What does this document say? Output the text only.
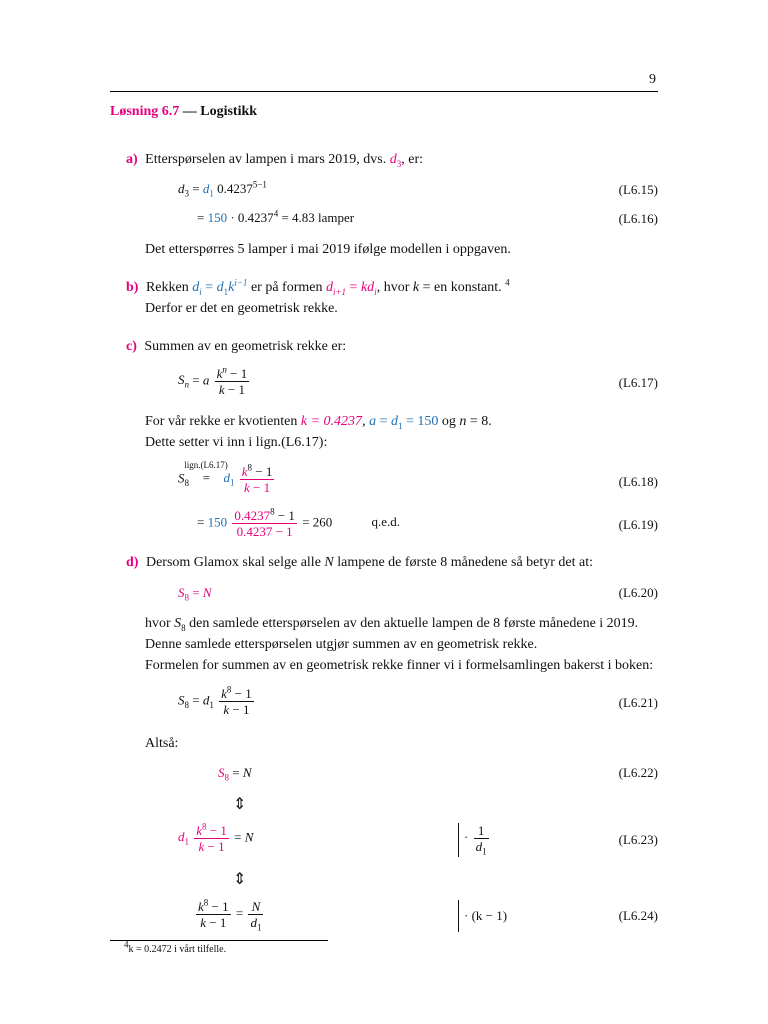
9
Løsning 6.7 — Logistikk
a) Etterspørselen av lampen i mars 2019, dvs. $d_3$, er:
$d_3 = d_1$ $0.4237^{5-1}$	(L6.15)
= $150 \cdot 0.4237^4 = 4.83$ lamper	(L6.16)
Det etterspørres 5 lamper i mai 2019 ifølge modellen i oppgaven.
b) Rekken $d_i = d_1k^{i-1}$ er på formen $d_{i+1} = kd_i$, hvor k = en konstant. $^4$
Derfor er det en geometrisk rekke.
c) Summen av en geometrisk rekke er:
$S_n = a \frac{k^n - 1}{k - 1}$	(L6.17)
For vår rekke er kvotienten k = 0.4237, $a = d_1 = 150$ og n = 8.
Dette setter vi inn i lign.(L6.17):
$S_8$ =
lign.(L6.17)
$d_1 \frac{k^8 - 1}{k - 1}$	(L6.18)
= $150 \frac{0.4237^8 - 1}{0.4237 - 1} = 260$	q.e.d.	(L6.19)
d) Dersom Glamox skal selge alle N lampene de første 8 månedene så betyr det at:
$S_8 = N$	(L6.20)
hvor $S_8$ den samlede etterspørselen av den aktuelle lampen de 8 første månedene i 2019.
Denne samlede etterspørselen utgjør summen av en geometrisk rekke.
Formelen for summen av en geometrisk rekke finner vi i formelsamlingen bakerst i boken:
$S_8 = d_1 \frac{k^8 - 1}{k - 1}$	(L6.21)
Altså:
$S_8 = N$	(L6.22)
⇕
$d_1 \frac{k^8 - 1}{k - 1} = N$	· $\frac{1}{d_1}$	(L6.23)
⇕
$\frac{k^8 - 1}{k - 1} = \frac{N}{d_1}$	· (k − 1)	(L6.24)
$^4$k = 0.2472 i vårt tilfelle.
